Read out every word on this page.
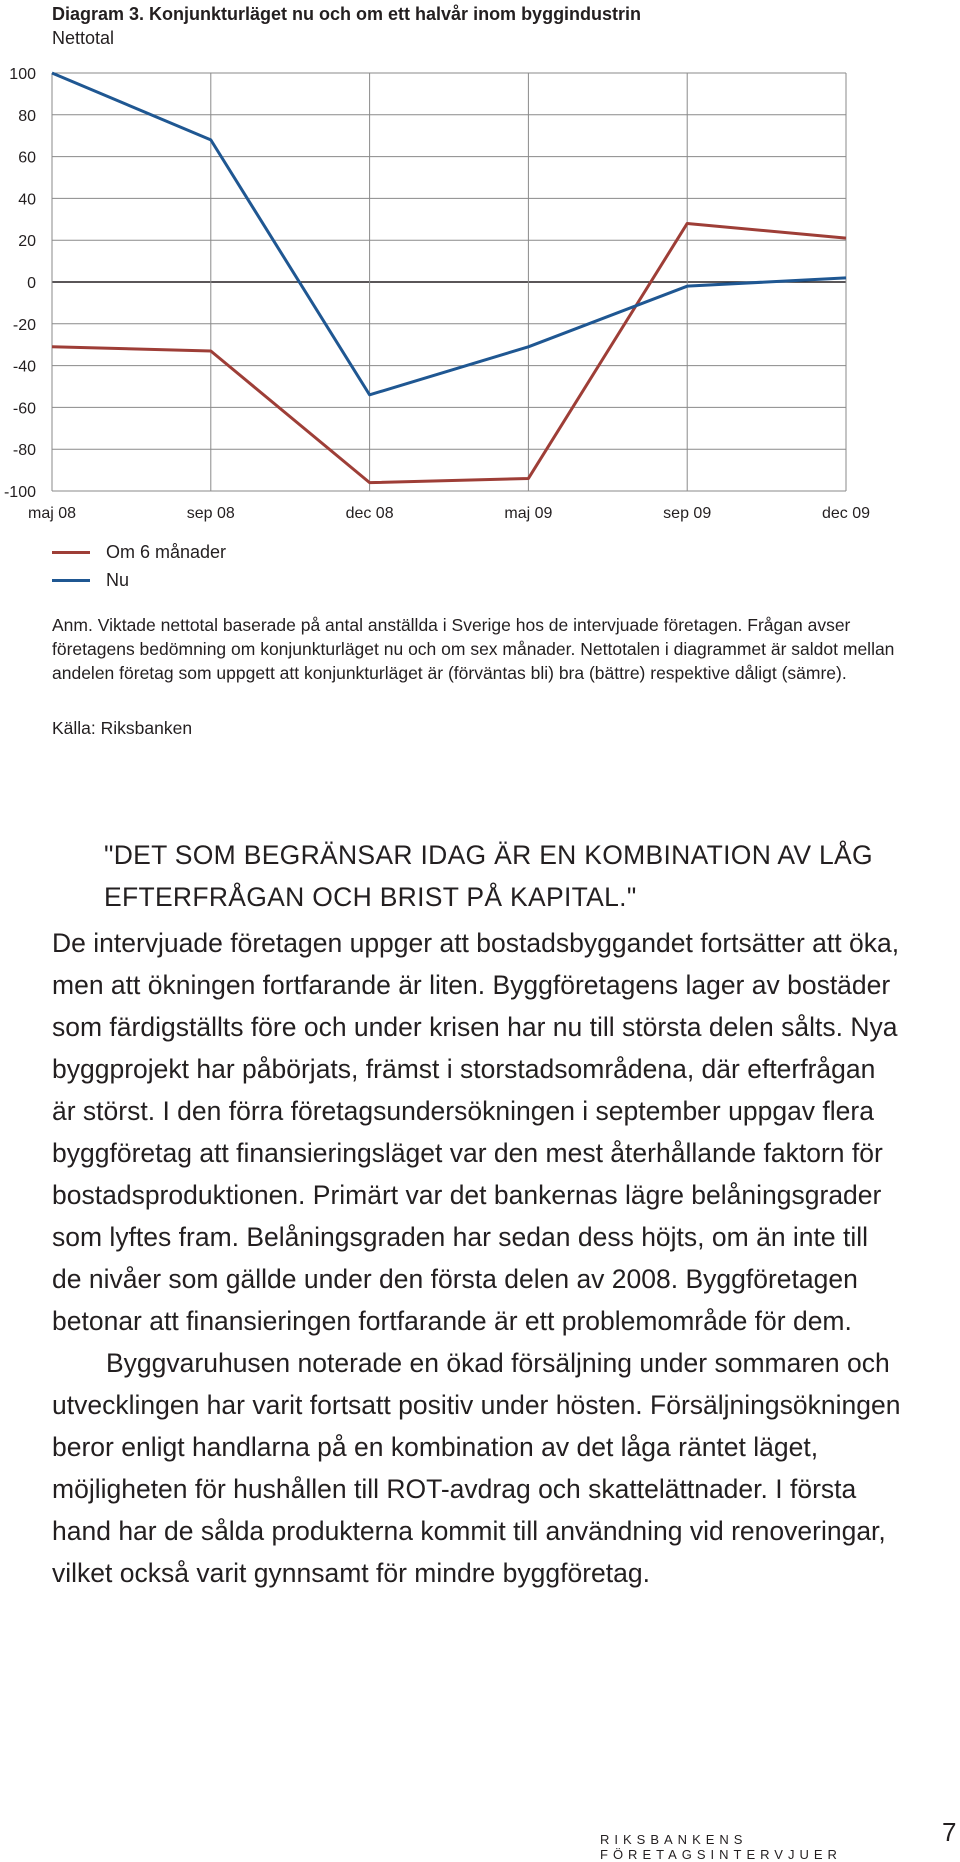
Diagram 3. Konjunkturläget nu och om ett halvår inom byggindustrin
Nettotal
100
80
60
40
20
0
-20
-40
-60
-80
-100
maj 08	sep 08	dec 08	maj 09	sep 09	dec 09
Om 6 månader
Nu
Anm. Viktade nettotal baserade på antal anställda i Sverige hos de intervjuade företagen. Frågan avser företagens bedömning om konjunkturläget nu och om sex månader. Nettotalen i diagrammet är saldot mellan andelen företag som uppgett att konjunkturläget är (förväntas bli) bra (bättre) respektive dåligt (sämre).
Källa: Riksbanken
"DET SOM BEGRÄNSAR IDAG ÄR EN KOMBINATION AV LÅG EFTERFRÅGAN OCH BRIST PÅ KAPITAL."

De intervjuade företagen uppger att bostadsbyggandet fortsätter att öka, men att ökningen fortfarande är liten. Byggföretagens lager av bostäder som färdigställts före och under krisen har nu till största delen sålts. Nya byggprojekt har påbörjats, främst i storstadsområdena, där efterfrågan är störst. I den förra företagsundersökningen i september uppgav flera byggföretag att finansieringsläget var den mest återhållande faktorn för bostadsproduktionen. Primärt var det bankernas lägre belåningsgrader som lyftes fram. Belåningsgraden har sedan dess höjts, om än inte till de nivåer som gällde under den första delen av 2008. Byggföretagen betonar att finansieringen fortfarande är ett problemområde för dem.

Byggvaruhusen noterade en ökad försäljning under sommaren och utvecklingen har varit fortsatt positiv under hösten. Försäljningsökningen beror enligt handlarna på en kombination av det låga räntet läget, möjligheten för hushållen till ROT-avdrag och skattelättnader. I första hand har de sålda produkterna kommit till användning vid renoveringar, vilket också varit gynnsamt för mindre byggföretag.

RIKSBANKENS FÖRETAGSINTERVJUER
7
